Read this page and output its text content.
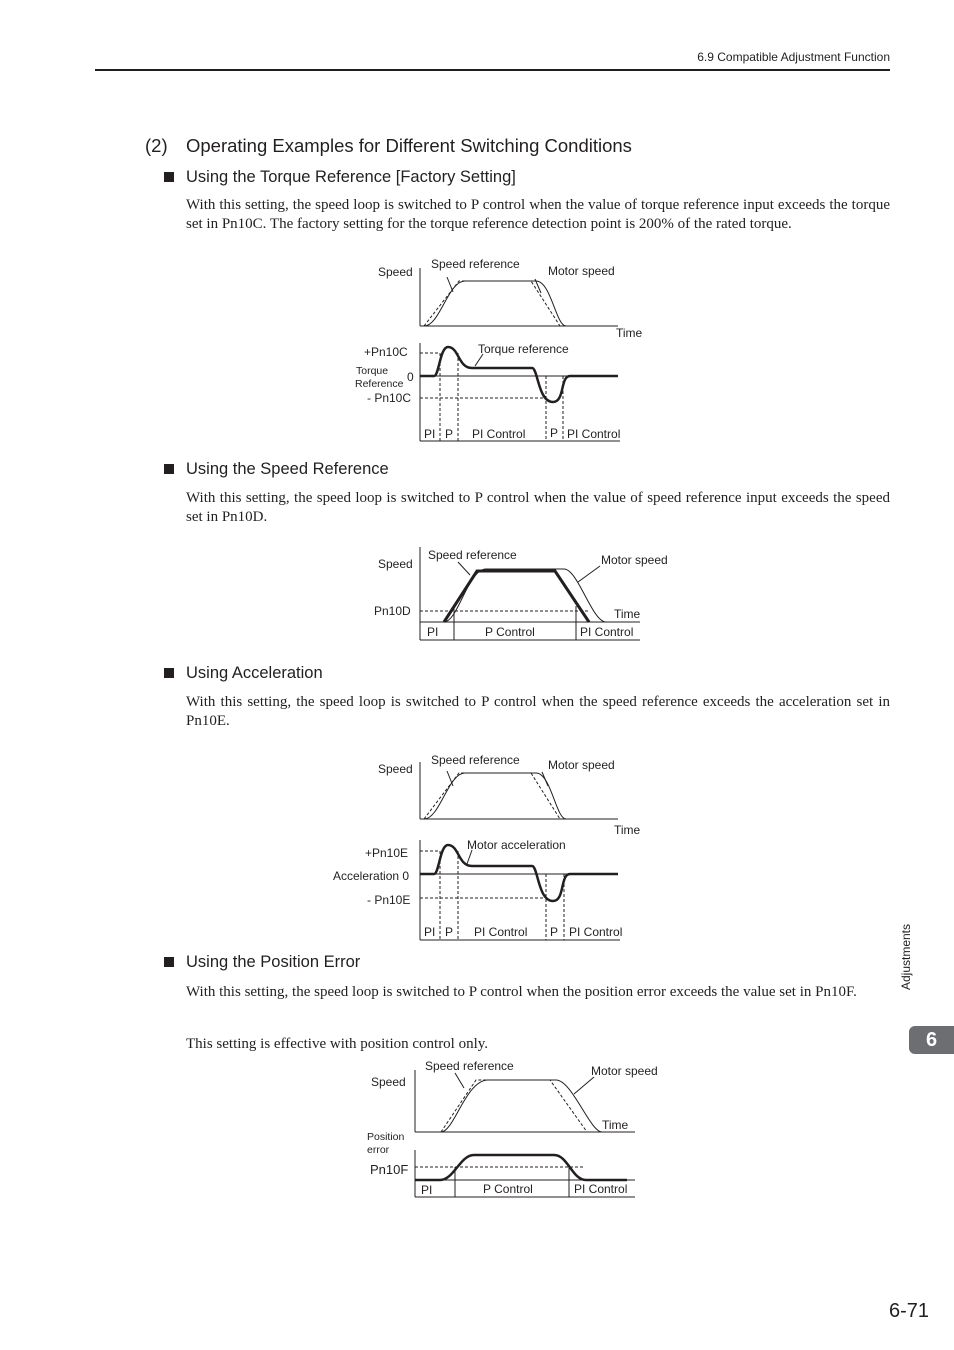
6.9 Compatible Adjustment Function
(2) Operating Examples for Different Switching Conditions
Using the Torque Reference [Factory Setting]
With this setting, the speed loop is switched to P control when the value of torque reference input exceeds the torque set in Pn10C. The factory setting for the torque reference detection point is 200% of the rated torque.
Using the Speed Reference
With this setting, the speed loop is switched to P control when the value of speed reference input exceeds the speed set in Pn10D.
Using Acceleration
With this setting, the speed loop is switched to P control when the speed reference exceeds the acceleration set in Pn10E.
Using the Position Error
With this setting, the speed loop is switched to P control when the position error exceeds the value set in Pn10F.
This setting is effective with position control only.
Speed
Speed reference Motor speed
Time
+Pn10C
Torque
Reference 0
- Pn10C
Torque reference
PI P PI Control P PI Control
Speed
Speed reference	Motor speed
Time
Pn10D
PI	P Control	PI Control
Speed
Speed reference Motor speed
Time
+Pn10E
Acceleration 0
- Pn10E
Motor acceleration
PI P PI Control P PI Control
Speed
Speed reference	Motor speed
Time
Position
error
Pn10F
PI	P Control	PI Control
Adjustments
6
6-71
